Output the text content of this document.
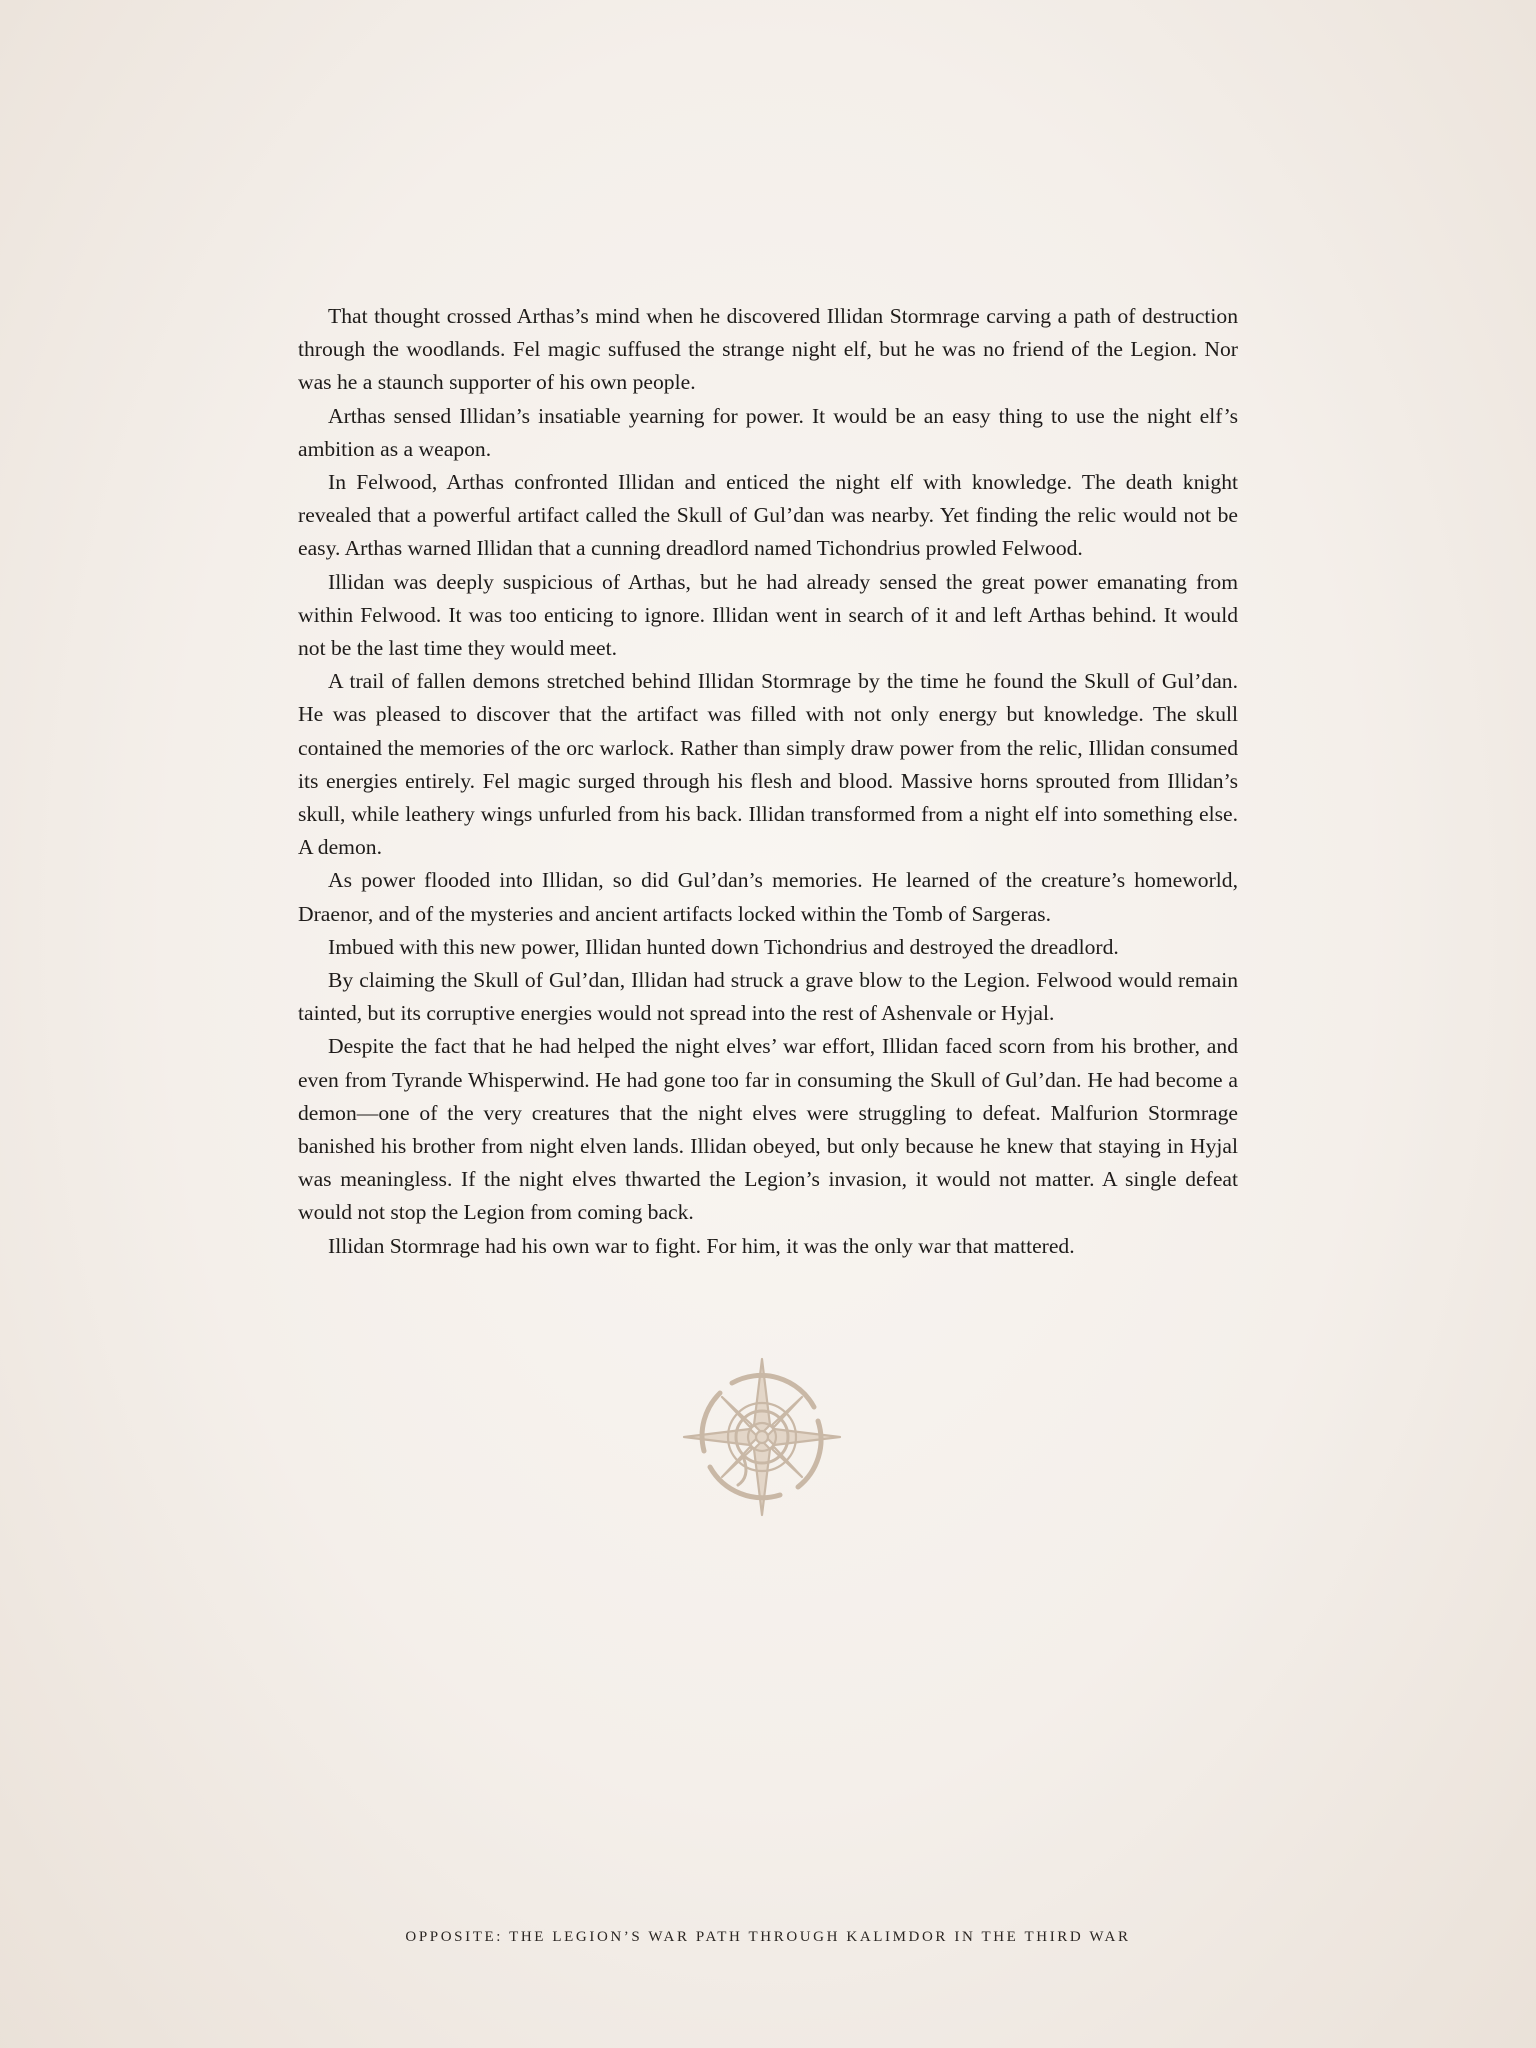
That thought crossed Arthas’s mind when he discovered Illidan Stormrage carving a path of destruction through the woodlands. Fel magic suffused the strange night elf, but he was no friend of the Legion. Nor was he a staunch supporter of his own people.

Arthas sensed Illidan’s insatiable yearning for power. It would be an easy thing to use the night elf’s ambition as a weapon.

In Felwood, Arthas confronted Illidan and enticed the night elf with knowledge. The death knight revealed that a powerful artifact called the Skull of Gul’dan was nearby. Yet finding the relic would not be easy. Arthas warned Illidan that a cunning dreadlord named Tichondrius prowled Felwood.

Illidan was deeply suspicious of Arthas, but he had already sensed the great power emanating from within Felwood. It was too enticing to ignore. Illidan went in search of it and left Arthas behind. It would not be the last time they would meet.

A trail of fallen demons stretched behind Illidan Stormrage by the time he found the Skull of Gul’dan. He was pleased to discover that the artifact was filled with not only energy but knowledge. The skull contained the memories of the orc warlock. Rather than simply draw power from the relic, Illidan consumed its energies entirely. Fel magic surged through his flesh and blood. Massive horns sprouted from Illidan’s skull, while leathery wings unfurled from his back. Illidan transformed from a night elf into something else. A demon.

As power flooded into Illidan, so did Gul’dan’s memories. He learned of the creature’s homeworld, Draenor, and of the mysteries and ancient artifacts locked within the Tomb of Sargeras.

Imbued with this new power, Illidan hunted down Tichondrius and destroyed the dreadlord.

By claiming the Skull of Gul’dan, Illidan had struck a grave blow to the Legion. Felwood would remain tainted, but its corruptive energies would not spread into the rest of Ashenvale or Hyjal.

Despite the fact that he had helped the night elves’ war effort, Illidan faced scorn from his brother, and even from Tyrande Whisperwind. He had gone too far in consuming the Skull of Gul’dan. He had become a demon—one of the very creatures that the night elves were struggling to defeat. Malfurion Stormrage banished his brother from night elven lands. Illidan obeyed, but only because he knew that staying in Hyjal was meaningless. If the night elves thwarted the Legion’s invasion, it would not matter. A single defeat would not stop the Legion from coming back.

Illidan Stormrage had his own war to fight. For him, it was the only war that mattered.

OPPOSITE: THE LEGION’S WAR PATH THROUGH KALIMDOR IN THE THIRD WAR
